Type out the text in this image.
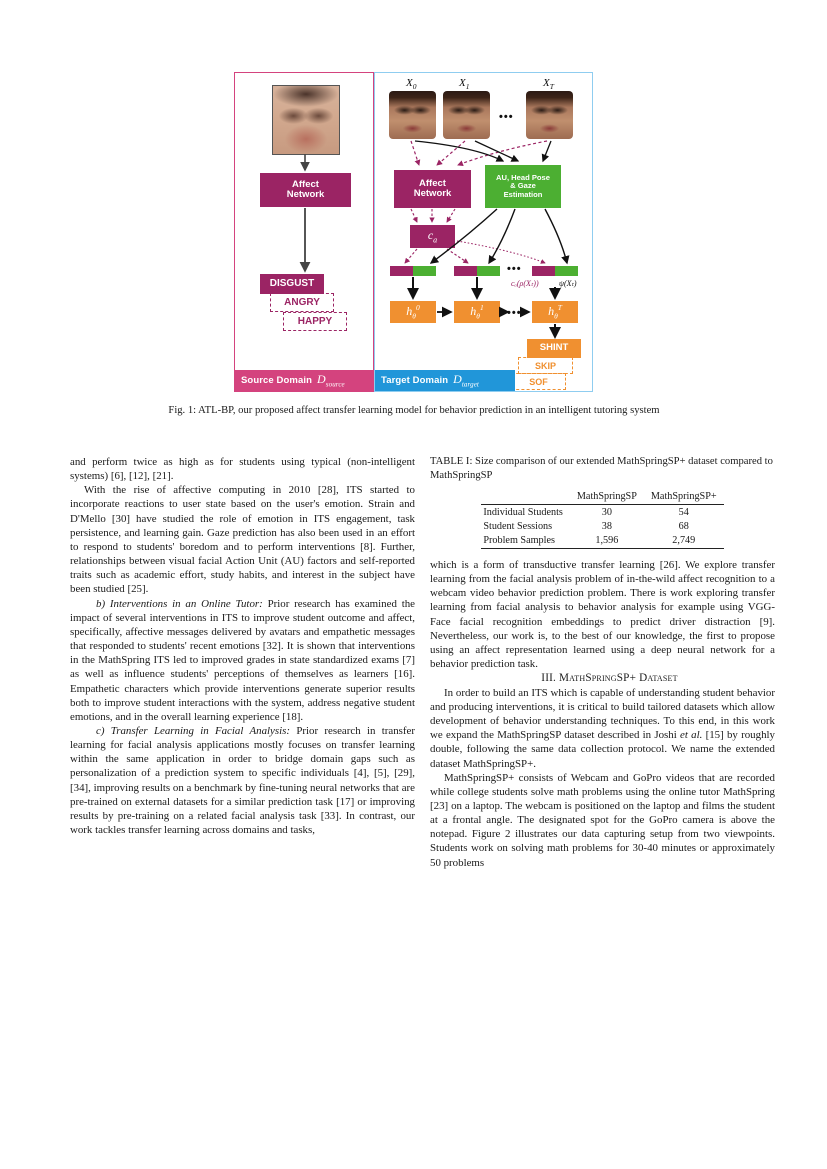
Affect
Network
DISGUST
ANGRY
HAPPY
Source Domain $D_{source}$
$X_0$	$X_1$	$X_T$
•••
Affect
Network
AU, Head Pose
& Gaze
Estimation
$c_a$
•••
cₐ(ρ(Xₜ))	ψ(Xₜ)
$h_\theta^0$	$h_\theta^1$	$h_\theta^T$
•••
SHINT
SKIP
SOF
Target Domain $D_{target}$
Fig. 1: ATL-BP, our proposed affect transfer learning model for behavior prediction in an intelligent tutoring system

and perform twice as high as for students using typical (non-intelligent systems) [6], [12], [21].

With the rise of affective computing in 2010 [28], ITS started to incorporate reactions to user state based on the user's emotion. Strain and D'Mello [30] have studied the role of emotion in ITS engagement, task persistence, and learning gain. Gaze prediction has also been used in an effort to respond to students' boredom and to perform interventions [8]. Further, relationships between visual facial Action Unit (AU) factors and self-reported traits such as academic effort, study habits, and interest in the subject have been studied [25].

b) Interventions in an Online Tutor: Prior research has examined the impact of several interventions in ITS to improve student outcome and affect, specifically, affective messages delivered by avatars and empathetic messages that responded to students' recent emotions [32]. It is shown that interventions in the MathSpring ITS led to improved grades in state standardized exams [7] as well as influence students' perceptions of themselves as learners [16]. Empathetic characters which provide interventions generate superior results both to improve student interactions with the system, address negative student emotions, and in the overall learning experience [18].

c) Transfer Learning in Facial Analysis: Prior research in transfer learning for facial analysis applications mostly focuses on transfer learning within the same application in order to bridge domain gaps such as personalization of a prediction system to specific individuals [4], [5], [29], [34], improving results on a benchmark by fine-tuning neural networks that are pre-trained on external datasets for a similar prediction task [17] or improving results by pre-training on a related facial analysis task [33]. In contrast, our work tackles transfer learning across domains and tasks,

TABLE I: Size comparison of our extended MathSpringSP+ dataset compared to MathSpringSP
	MathSpringSP	MathSpringSP+
Individual Students	30	54
Student Sessions	38	68
Problem Samples	1,596	2,749

which is a form of transductive transfer learning [26]. We explore transfer learning from the facial analysis problem of in-the-wild affect recognition to a webcam video behavior prediction problem. There is work exploring transfer learning from facial analysis to behavior analysis for example using VGG-Face facial recognition embeddings to predict driver distraction [9]. Nevertheless, our work is, to the best of our knowledge, the first to propose using an affect representation learned using a deep neural network for a behavior prediction task.

III. MathSpringSP+ Dataset

In order to build an ITS which is capable of understanding student behavior and producing interventions, it is critical to build tailored datasets which allow development of behavior understanding techniques. To this end, in this work we expand the MathSpringSP dataset described in Joshi et al. [15] by roughly double, following the same data collection protocol. We name the extended dataset MathSpringSP+.

MathSpringSP+ consists of Webcam and GoPro videos that are recorded while college students solve math problems using the online tutor MathSpring [23] on a laptop. The webcam is positioned on the laptop and films the student at a frontal angle. The designated spot for the GoPro camera is above the notepad. Figure 2 illustrates our data capturing setup from two viewpoints. Students work on solving math problems for 30-40 minutes or approximately 50 problems
